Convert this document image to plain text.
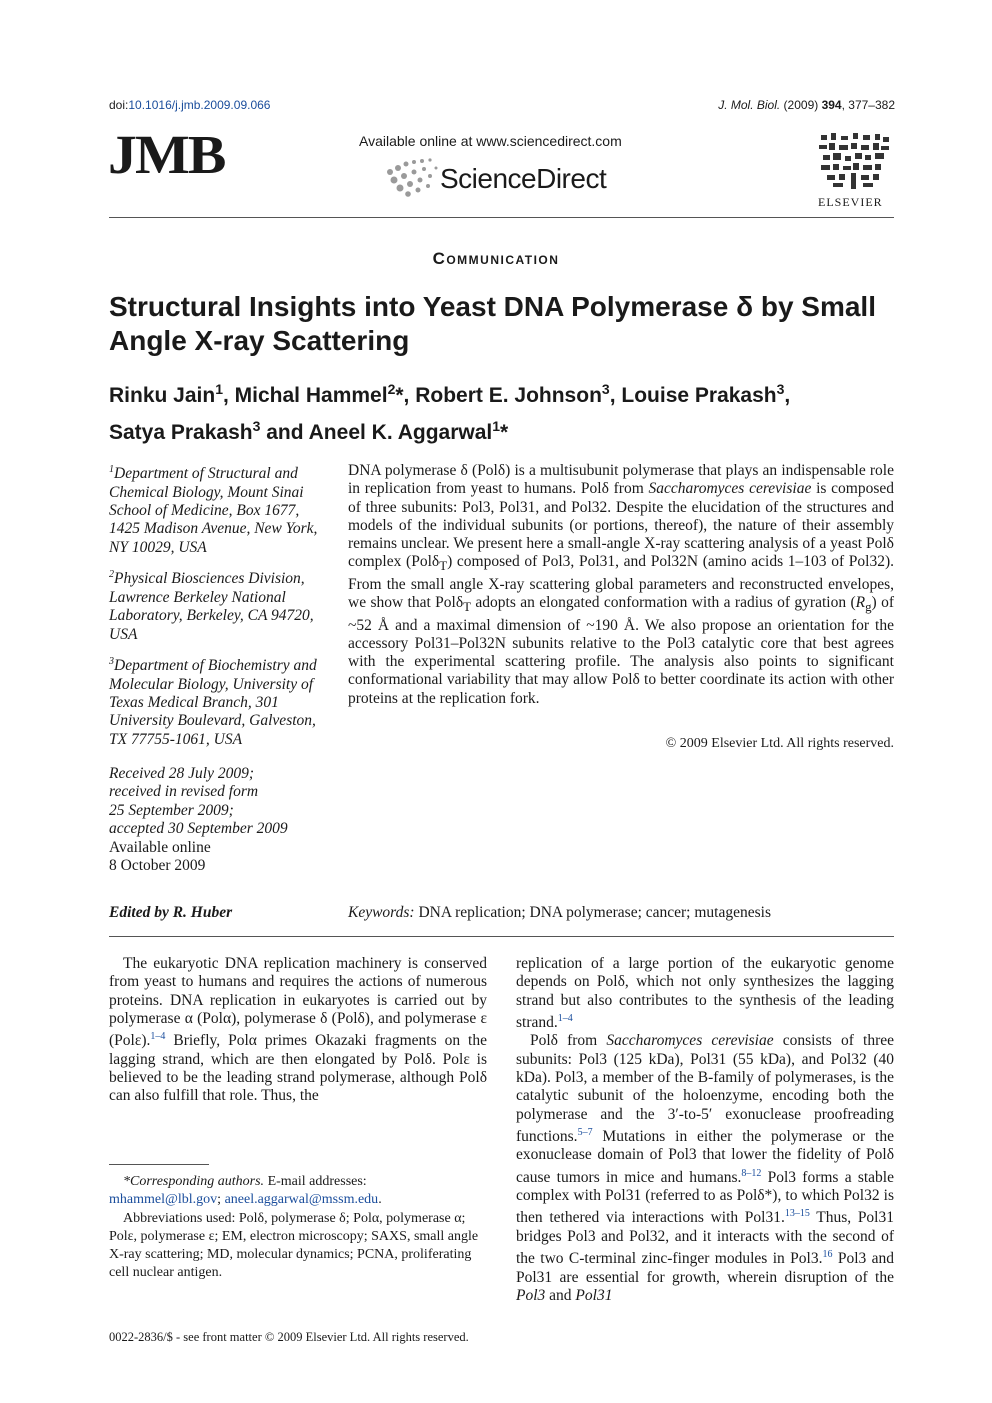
doi:10.1016/j.jmb.2009.09.066	J. Mol. Biol. (2009) 394, 377–382
JMB	Available online at www.sciencedirect.com
ScienceDirect
ELSEVIER
Communication
Structural Insights into Yeast DNA Polymerase δ by Small Angle X-ray Scattering
Rinku Jain$^1$, Michal Hammel$^2$*, Robert E. Johnson$^3$, Louise Prakash$^3$,
Satya Prakash$^3$ and Aneel K. Aggarwal$^1$*

$^1$Department of Structural and Chemical Biology, Mount Sinai School of Medicine, Box 1677, 1425 Madison Avenue, New York, NY 10029, USA

$^2$Physical Biosciences Division, Lawrence Berkeley National Laboratory, Berkeley, CA 94720, USA

$^3$Department of Biochemistry and Molecular Biology, University of Texas Medical Branch, 301 University Boulevard, Galveston, TX 77755-1061, USA

Received 28 July 2009;
received in revised form
25 September 2009;
accepted 30 September 2009
Available online
8 October 2009

DNA polymerase δ (Polδ) is a multisubunit polymerase that plays an indispensable role in replication from yeast to humans. Polδ from Saccharomyces cerevisiae is composed of three subunits: Pol3, Pol31, and Pol32. Despite the elucidation of the structures and models of the individual subunits (or portions, thereof), the nature of their assembly remains unclear. We present here a small-angle X-ray scattering analysis of a yeast Polδ complex (Polδ$_T$) composed of Pol3, Pol31, and Pol32N (amino acids 1–103 of Pol32). From the small angle X-ray scattering global parameters and reconstructed envelopes, we show that Polδ$_T$ adopts an elongated conformation with a radius of gyration $(R_g)$ of ~52 Å and a maximal dimension of ~190 Å. We also propose an orientation for the accessory Pol31–Pol32N subunits relative to the Pol3 catalytic core that best agrees with the experimental scattering profile. The analysis also points to significant conformational variability that may allow Polδ to better coordinate its action with other proteins at the replication fork.

© 2009 Elsevier Ltd. All rights reserved.
Edited by R. Huber	Keywords: DNA replication; DNA polymerase; cancer; mutagenesis

The eukaryotic DNA replication machinery is conserved from yeast to humans and requires the actions of numerous proteins. DNA replication in eukaryotes is carried out by polymerase α (Polα), polymerase δ (Polδ), and polymerase ε (Polε).$^{1-4}$ Briefly, Polα primes Okazaki fragments on the lagging strand, which are then elongated by Polδ. Polε is believed to be the leading strand polymerase, although Polδ can also fulfill that role. Thus, the

*Corresponding authors. E-mail addresses:
mhammel@lbl.gov; aneel.aggarwal@mssm.edu.

Abbreviations used: Polδ, polymerase δ; Polα, polymerase α; Polε, polymerase ε; EM, electron microscopy; SAXS, small angle X-ray scattering; MD, molecular dynamics; PCNA, proliferating cell nuclear antigen.

replication of a large portion of the eukaryotic genome depends on Polδ, which not only synthesizes the lagging strand but also contributes to the synthesis of the leading strand.$^{1-4}$

Polδ from Saccharomyces cerevisiae consists of three subunits: Pol3 (125 kDa), Pol31 (55 kDa), and Pol32 (40 kDa). Pol3, a member of the B-family of polymerases, is the catalytic subunit of the holoenzyme, encoding both the polymerase and the 3′-to-5′ exonuclease proofreading functions.$^{5-7}$ Mutations in either the polymerase or the exonuclease domain of Pol3 that lower the fidelity of Polδ cause tumors in mice and humans.$^{8-12}$ Pol3 forms a stable complex with Pol31 (referred to as Polδ*), to which Pol32 is then tethered via interactions with Pol31.$^{13-15}$ Thus, Pol31 bridges Pol3 and Pol32, and it interacts with the second of the two C-terminal zinc-finger modules in Pol3.16 Pol3 and Pol31 are essential for growth, wherein disruption of the Pol3 and Pol31

0022-2836/$ - see front matter © 2009 Elsevier Ltd. All rights reserved.
